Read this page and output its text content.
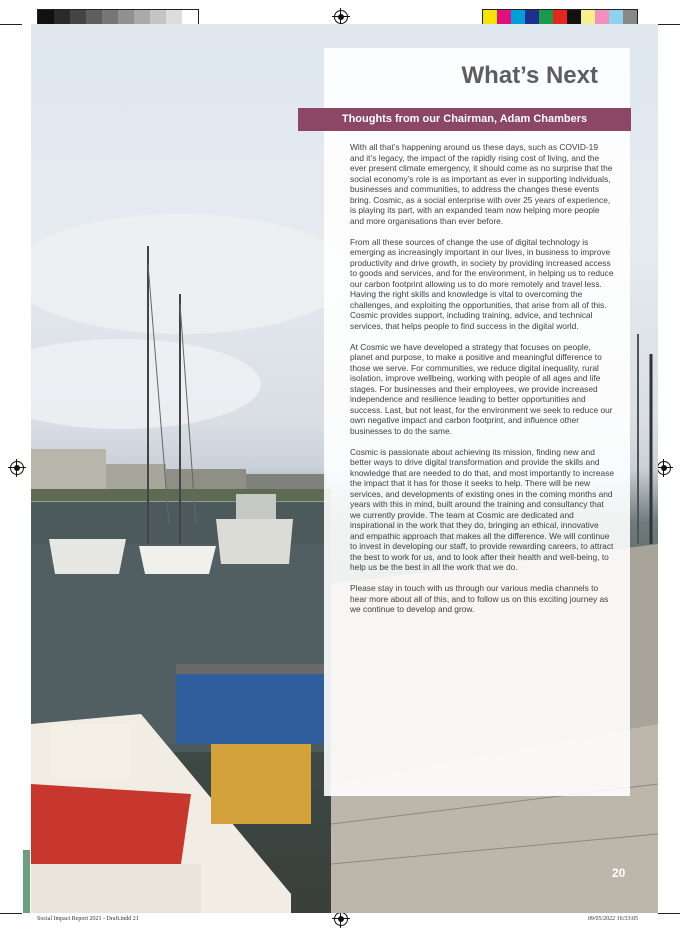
What’s Next
Thoughts from our Chairman, Adam Chambers

With all that’s happening around us these days, such as COVID-19 and it’s legacy, the impact of the rapidly rising cost of living, and the ever present climate emergency, it should come as no surprise that the social economy’s role is as important as ever in supporting individuals, businesses and communities, to address the changes these events bring. Cosmic, as a social enterprise with over 25 years of experience, is playing its part, with an expanded team now helping more people and more organisations than ever before.

From all these sources of change the use of digital technology is emerging as increasingly important in our lives, in business to improve productivity and drive growth, in society by providing increased access to goods and services, and for the environment, in helping us to reduce our carbon footprint allowing us to do more remotely and travel less. Having the right skills and knowledge is vital to overcoming the challenges, and exploiting the opportunities, that arise from all of this. Cosmic provides support, including training, advice, and technical services, that helps people to find success in the digital world.

At Cosmic we have developed a strategy that focuses on people, planet and purpose, to make a positive and meaningful difference to those we serve. For communities, we reduce digital inequality, rural isolation, improve wellbeing, working with people of all ages and life stages. For businesses and their employees, we provide increased independence and resilience leading to better opportunities and success. Last, but not least, for the environment we seek to reduce our own negative impact and carbon footprint, and influence other businesses to do the same.

Cosmic is passionate about achieving its mission, finding new and better ways to drive digital transformation and provide the skills and knowledge that are needed to do that, and most importantly to increase the impact that it has for those it seeks to help. There will be new services, and developments of existing ones in the coming months and years with this in mind, built around the training and consultancy that we currently provide. The team at Cosmic are dedicated and inspirational in the work that they do, bringing an ethical, innovative and empathic approach that makes all the difference. We will continue to invest in developing our staff, to provide rewarding careers, to attract the best to work for us, and to look after their health and well-being, to help us be the best in all the work that we do.

Please stay in touch with us through our various media channels to hear more about all of this, and to follow us on this exciting journey as we continue to develop and grow.

20
Social Impact Report 2021 - Draft.indd 21	09/05/2022 16:53:05
